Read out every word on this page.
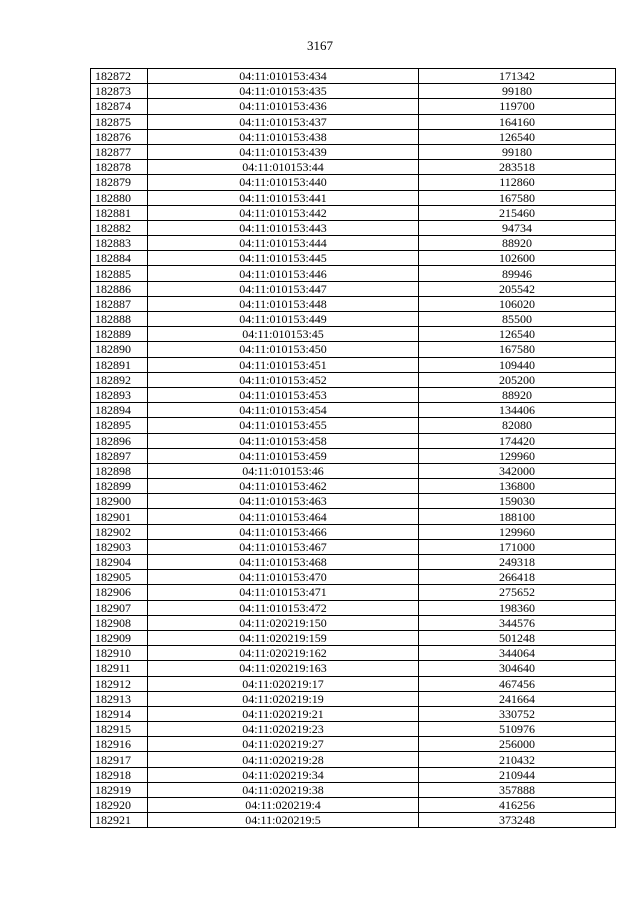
3167
182872	04:11:010153:434	171342
182873	04:11:010153:435	99180
182874	04:11:010153:436	119700
182875	04:11:010153:437	164160
182876	04:11:010153:438	126540
182877	04:11:010153:439	99180
182878	04:11:010153:44	283518
182879	04:11:010153:440	112860
182880	04:11:010153:441	167580
182881	04:11:010153:442	215460
182882	04:11:010153:443	94734
182883	04:11:010153:444	88920
182884	04:11:010153:445	102600
182885	04:11:010153:446	89946
182886	04:11:010153:447	205542
182887	04:11:010153:448	106020
182888	04:11:010153:449	85500
182889	04:11:010153:45	126540
182890	04:11:010153:450	167580
182891	04:11:010153:451	109440
182892	04:11:010153:452	205200
182893	04:11:010153:453	88920
182894	04:11:010153:454	134406
182895	04:11:010153:455	82080
182896	04:11:010153:458	174420
182897	04:11:010153:459	129960
182898	04:11:010153:46	342000
182899	04:11:010153:462	136800
182900	04:11:010153:463	159030
182901	04:11:010153:464	188100
182902	04:11:010153:466	129960
182903	04:11:010153:467	171000
182904	04:11:010153:468	249318
182905	04:11:010153:470	266418
182906	04:11:010153:471	275652
182907	04:11:010153:472	198360
182908	04:11:020219:150	344576
182909	04:11:020219:159	501248
182910	04:11:020219:162	344064
182911	04:11:020219:163	304640
182912	04:11:020219:17	467456
182913	04:11:020219:19	241664
182914	04:11:020219:21	330752
182915	04:11:020219:23	510976
182916	04:11:020219:27	256000
182917	04:11:020219:28	210432
182918	04:11:020219:34	210944
182919	04:11:020219:38	357888
182920	04:11:020219:4	416256
182921	04:11:020219:5	373248
